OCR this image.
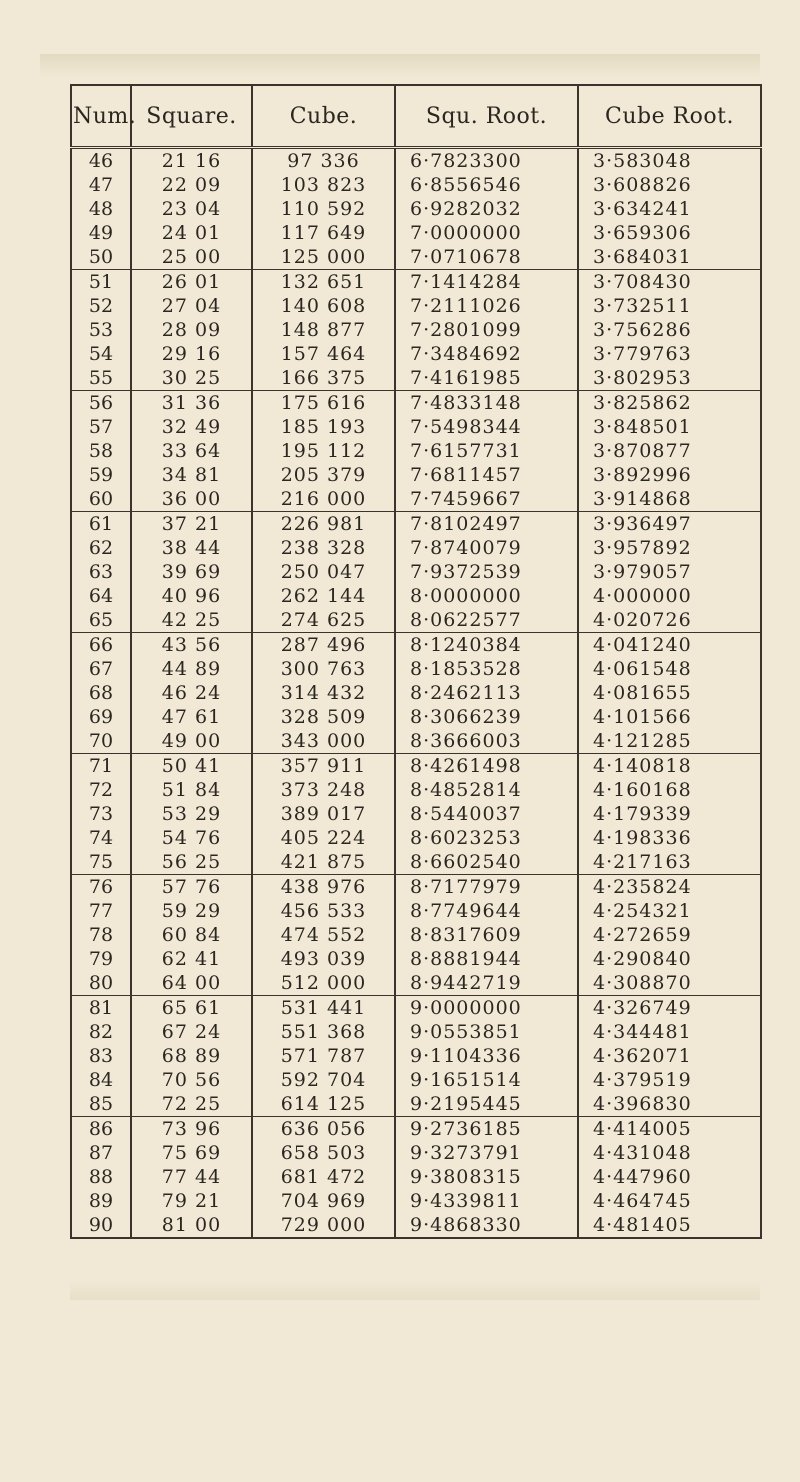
Num.	Square.	Cube.	Squ. Root.	Cube Root.
46	21 16	97 336	6·7823300	3·583048
47	22 09	103 823	6·8556546	3·608826
48	23 04	110 592	6·9282032	3·634241
49	24 01	117 649	7·0000000	3·659306
50	25 00	125 000	7·0710678	3·684031
51	26 01	132 651	7·1414284	3·708430
52	27 04	140 608	7·2111026	3·732511
53	28 09	148 877	7·2801099	3·756286
54	29 16	157 464	7·3484692	3·779763
55	30 25	166 375	7·4161985	3·802953
56	31 36	175 616	7·4833148	3·825862
57	32 49	185 193	7·5498344	3·848501
58	33 64	195 112	7·6157731	3·870877
59	34 81	205 379	7·6811457	3·892996
60	36 00	216 000	7·7459667	3·914868
61	37 21	226 981	7·8102497	3·936497
62	38 44	238 328	7·8740079	3·957892
63	39 69	250 047	7·9372539	3·979057
64	40 96	262 144	8·0000000	4·000000
65	42 25	274 625	8·0622577	4·020726
66	43 56	287 496	8·1240384	4·041240
67	44 89	300 763	8·1853528	4·061548
68	46 24	314 432	8·2462113	4·081655
69	47 61	328 509	8·3066239	4·101566
70	49 00	343 000	8·3666003	4·121285
71	50 41	357 911	8·4261498	4·140818
72	51 84	373 248	8·4852814	4·160168
73	53 29	389 017	8·5440037	4·179339
74	54 76	405 224	8·6023253	4·198336
75	56 25	421 875	8·6602540	4·217163
76	57 76	438 976	8·7177979	4·235824
77	59 29	456 533	8·7749644	4·254321
78	60 84	474 552	8·8317609	4·272659
79	62 41	493 039	8·8881944	4·290840
80	64 00	512 000	8·9442719	4·308870
81	65 61	531 441	9·0000000	4·326749
82	67 24	551 368	9·0553851	4·344481
83	68 89	571 787	9·1104336	4·362071
84	70 56	592 704	9·1651514	4·379519
85	72 25	614 125	9·2195445	4·396830
86	73 96	636 056	9·2736185	4·414005
87	75 69	658 503	9·3273791	4·431048
88	77 44	681 472	9·3808315	4·447960
89	79 21	704 969	9·4339811	4·464745
90	81 00	729 000	9·4868330	4·481405
